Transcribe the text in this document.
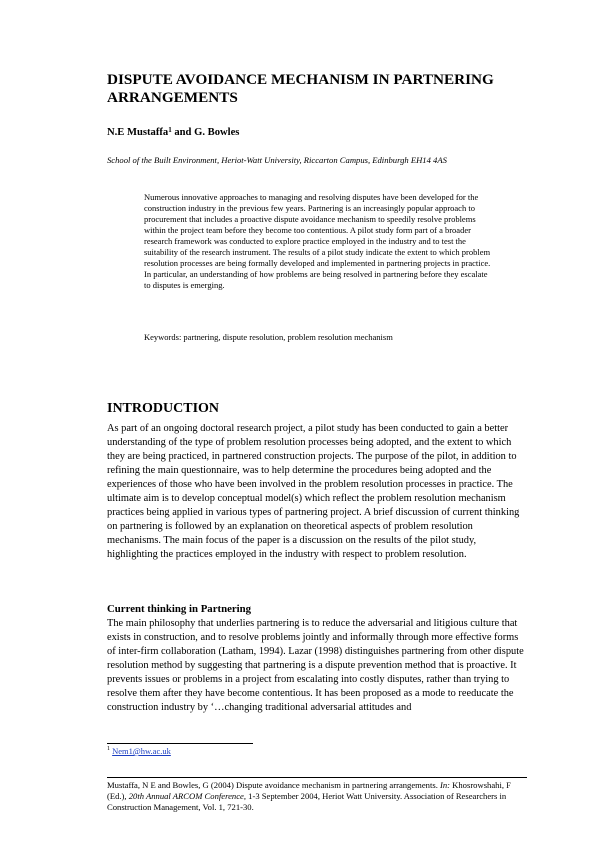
DISPUTE AVOIDANCE MECHANISM IN PARTNERING ARRANGEMENTS

N.E Mustaffa$^1$ and G. Bowles

School of the Built Environment, Heriot-Watt University, Riccarton Campus, Edinburgh EH14 4AS

Numerous innovative approaches to managing and resolving disputes have been developed for the construction industry in the previous few years. Partnering is an increasingly popular approach to procurement that includes a proactive dispute avoidance mechanism to speedily resolve problems within the project team before they become too contentious. A pilot study form part of a broader research framework was conducted to explore practice employed in the industry and to test the suitability of the research instrument. The results of a pilot study indicate the extent to which problem resolution processes are being formally developed and implemented in partnering projects in practice. In particular, an understanding of how problems are being resolved in partnering before they escalate to disputes is emerging.

Keywords: partnering, dispute resolution, problem resolution mechanism

INTRODUCTION

As part of an ongoing doctoral research project, a pilot study has been conducted to gain a better understanding of the type of problem resolution processes being adopted, and the extent to which they are being practiced, in partnered construction projects. The purpose of the pilot, in addition to refining the main questionnaire, was to help determine the procedures being adopted and the experiences of those who have been involved in the problem resolution processes in practice. The ultimate aim is to develop conceptual model(s) which reflect the problem resolution mechanism practices being applied in various types of partnering project. A brief discussion of current thinking on partnering is followed by an explanation on theoretical aspects of problem resolution mechanisms. The main focus of the paper is a discussion on the results of the pilot study, highlighting the practices employed in the industry with respect to problem resolution.

Current thinking in Partnering

The main philosophy that underlies partnering is to reduce the adversarial and litigious culture that exists in construction, and to resolve problems jointly and informally through more effective forms of inter-firm collaboration (Latham, 1994). Lazar (1998) distinguishes partnering from other dispute resolution method by suggesting that partnering is a dispute prevention method that is proactive. It prevents issues or problems in a project from escalating into costly disputes, rather than trying to resolve them after they have become contentious. It has been proposed as a mode to reeducate the construction industry by ‘…changing traditional adversarial attitudes and

$^1$ Nem1@hw.ac.uk

Mustaffa, N E and Bowles, G (2004) Dispute avoidance mechanism in partnering arrangements. In: Khosrowshahi, F (Ed.), 20th Annual ARCOM Conference, 1-3 September 2004, Heriot Watt University. Association of Researchers in Construction Management, Vol. 1, 721-30.
